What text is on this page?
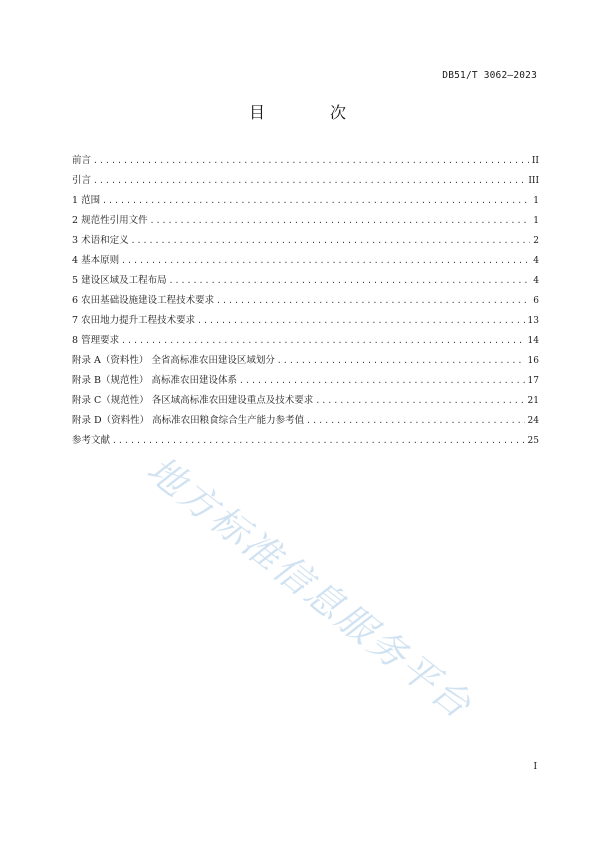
DB51/T 3062—2023
目 次
前言 .....	II
引言 .....	III
1 范围 .....	1
2 规范性引用文件 .....	1
3 术语和定义 .....	2
4 基本原则 .....	4
5 建设区域及工程布局 .....	4
6 农田基础设施建设工程技术要求 .....	6
7 农田地力提升工程技术要求 .....	13
8 管理要求 .....	14
附录 A（资料性） 全省高标准农田建设区域划分 .....	16
附录 B（规范性） 高标准农田建设体系 .....	17
附录 C（规范性） 各区域高标准农田建设重点及技术要求 .....	21
附录 D（资料性） 高标准农田粮食综合生产能力参考值 .....	24
参考文献 .....	25
地方标准信息服务平台
I
